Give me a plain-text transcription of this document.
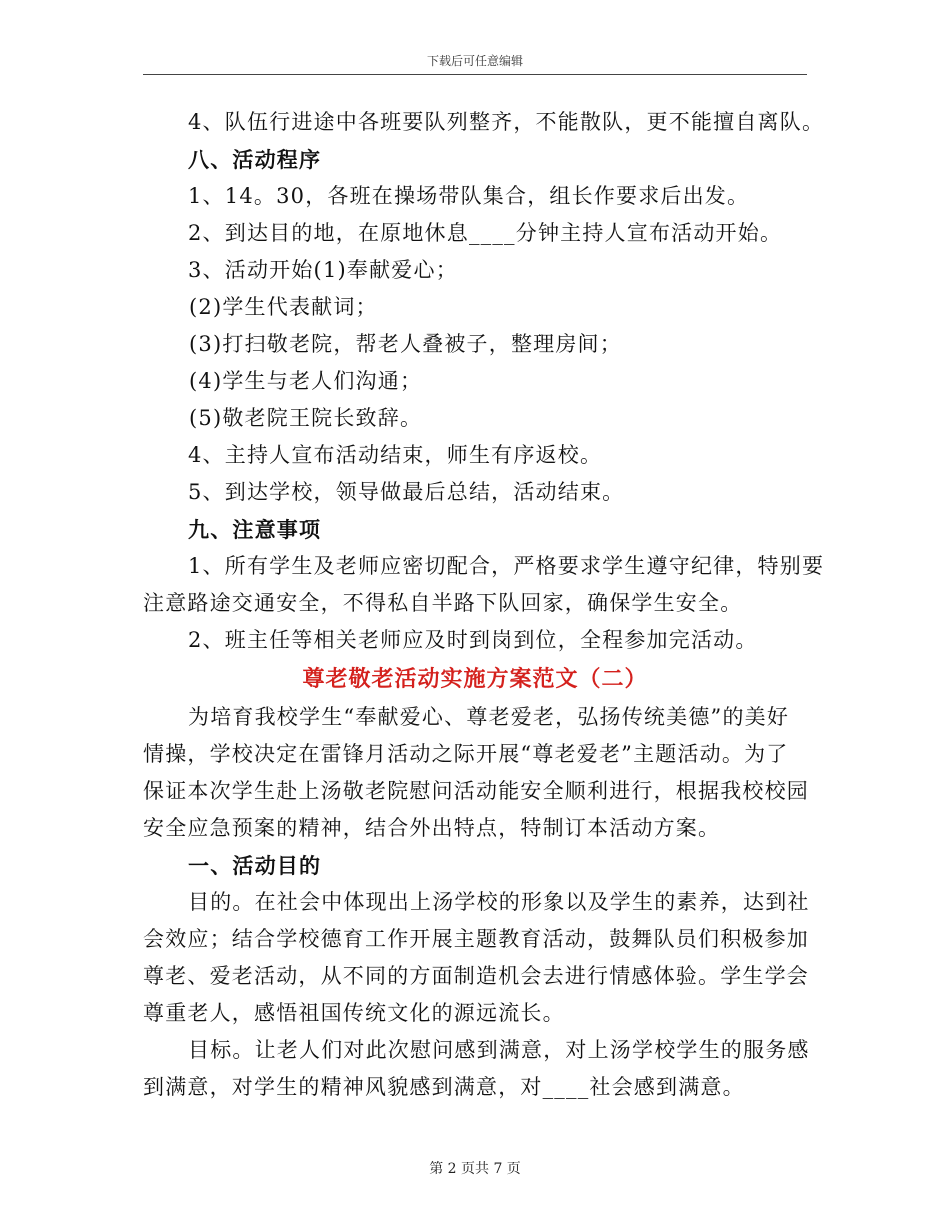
下载后可任意编辑
4、队伍行进途中各班要队列整齐，不能散队，更不能擅自离队。
八、活动程序
1、14。30，各班在操场带队集合，组长作要求后出发。
2、到达目的地，在原地休息____分钟主持人宣布活动开始。
3、活动开始(1)奉献爱心；
(2)学生代表献词；
(3)打扫敬老院，帮老人叠被子，整理房间；
(4)学生与老人们沟通；
(5)敬老院王院长致辞。
4、主持人宣布活动结束，师生有序返校。
5、到达学校，领导做最后总结，活动结束。
九、注意事项
1、所有学生及老师应密切配合，严格要求学生遵守纪律，特别要
注意路途交通安全，不得私自半路下队回家，确保学生安全。
2、班主任等相关老师应及时到岗到位，全程参加完活动。
尊老敬老活动实施方案范文（二）
为培育我校学生“奉献爱心、尊老爱老，弘扬传统美德”的美好
情操，学校决定在雷锋月活动之际开展“尊老爱老”主题活动。为了
保证本次学生赴上汤敬老院慰问活动能安全顺利进行，根据我校校园
安全应急预案的精神，结合外出特点，特制订本活动方案。
一、活动目的
目的。在社会中体现出上汤学校的形象以及学生的素养，达到社
会效应；结合学校德育工作开展主题教育活动，鼓舞队员们积极参加
尊老、爱老活动，从不同的方面制造机会去进行情感体验。学生学会
尊重老人，感悟祖国传统文化的源远流长。
目标。让老人们对此次慰问感到满意，对上汤学校学生的服务感
到满意，对学生的精神风貌感到满意，对____社会感到满意。
第 2 页共 7 页
